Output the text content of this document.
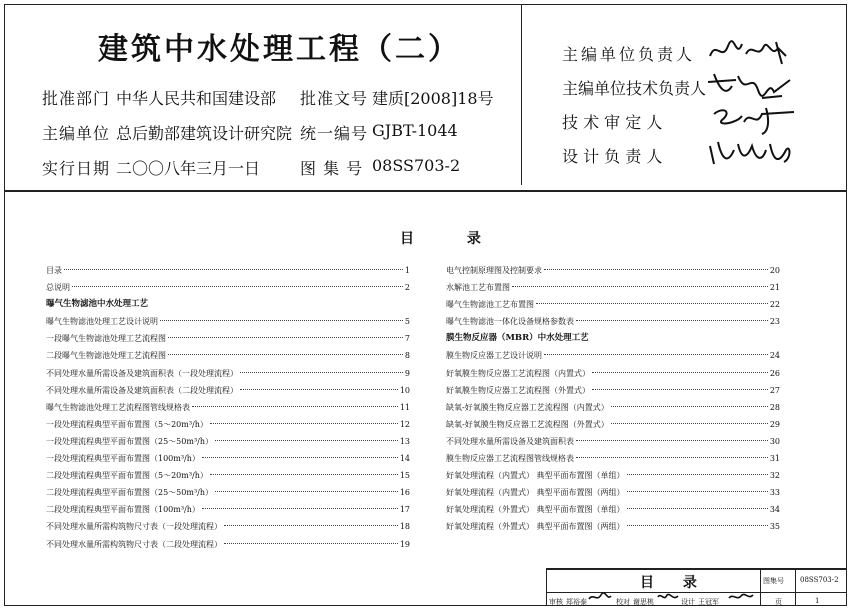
建筑中水处理工程（二）
批准部门 中华人民共和国建设部 批准文号 建质[2008]18号
主编单位 总后勤部建筑设计研究院 统一编号 GJBT-1044
实行日期 二〇〇八年三月一日 图 集 号 08SS703-2
主编单位负责人
主编单位技术负责人
技 术 审 定 人
设 计 负 责 人
目 录
目录	1
总说明	2
曝气生物滤池中水处理工艺
曝气生物滤池处理工艺设计说明	5
一段曝气生物滤池处理工艺流程图	7
二段曝气生物滤池处理工艺流程图	8
不同处理水量所需设备及建筑面积表（一段处理流程）	9
不同处理水量所需设备及建筑面积表（二段处理流程）	10
曝气生物滤池处理工艺流程图管线规格表	11
一段处理流程典型平面布置图（5～20m³/h）	12
一段处理流程典型平面布置图（25～50m³/h）	13
一段处理流程典型平面布置图（100m³/h）	14
二段处理流程典型平面布置图（5～20m³/h）	15
二段处理流程典型平面布置图（25～50m³/h）	16
二段处理流程典型平面布置图（100m³/h）	17
不同处理水量所需构筑物尺寸表（一段处理流程）	18
不同处理水量所需构筑物尺寸表（二段处理流程）	19
电气控制原理图及控制要求	20
水解池工艺布置图	21
曝气生物滤池工艺布置图	22
曝气生物滤池一体化设备规格参数表	23
膜生物反应器（MBR）中水处理工艺
膜生物反应器工艺设计说明	24
好氧膜生物反应器工艺流程图（内置式）	26
好氧膜生物反应器工艺流程图（外置式）	27
缺氧-好氧膜生物反应器工艺流程图（内置式）	28
缺氧-好氧膜生物反应器工艺流程图（外置式）	29
不同处理水量所需设备及建筑面积表	30
膜生物反应器工艺流程图管线规格表	31
好氧处理流程（内置式） 典型平面布置图（单组）	32
好氧处理流程（内置式） 典型平面布置图（两组）	33
好氧处理流程（外置式） 典型平面布置图（单组）	34
好氧处理流程（外置式） 典型平面布置图（两组）	35
目 录	图集号 08SS703-2
审核 郑裕泰	校对 谢思桃	设计 王冠军	页	1
